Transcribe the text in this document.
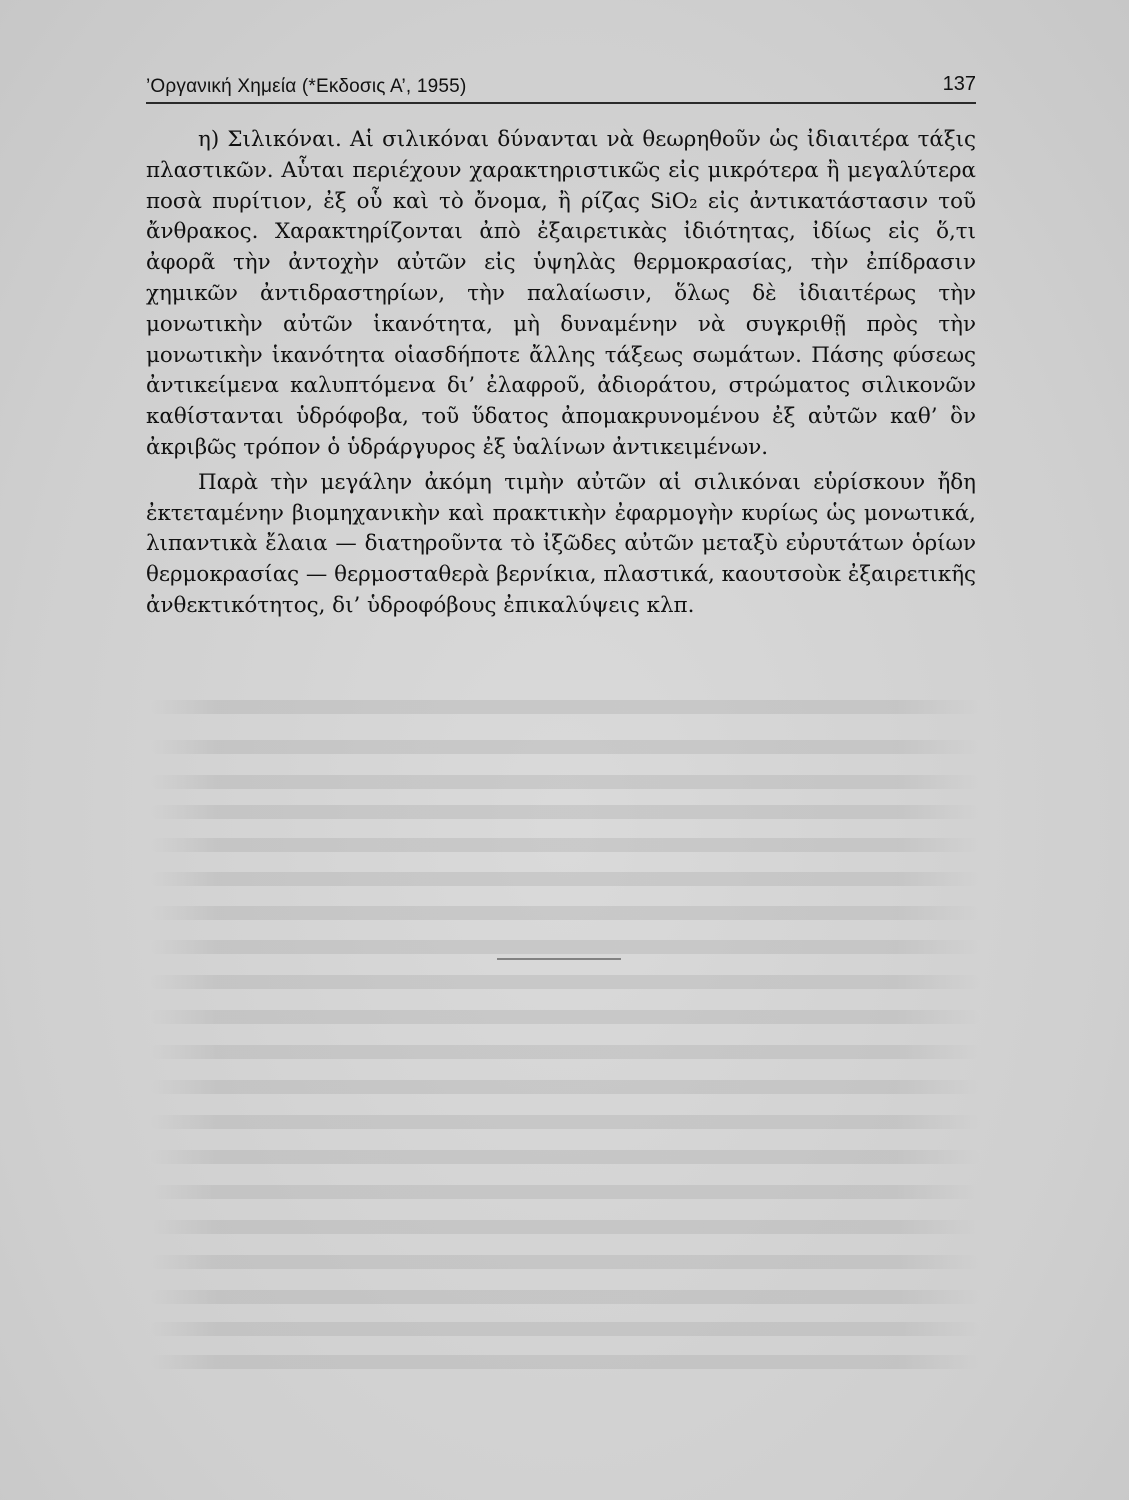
’Οργανική Χημεία (*Εκδοσις Α’, 1955)	137

η) Σιλικόναι. Αἱ σιλικόναι δύνανται νὰ θεωρηθοῦν ὡς ἰδιαιτέρα τάξις πλαστικῶν. Αὗται περιέχουν χαρακτηριστικῶς εἰς μικρότερα ἢ μεγαλύτερα ποσὰ πυρίτιον, ἐξ οὗ καὶ τὸ ὄνομα, ἢ ρίζας SiO₂ εἰς ἀντικατάστασιν τοῦ ἄνθρακος. Χαρακτηρίζονται ἀπὸ ἐξαιρετικὰς ἰδιότητας, ἰδίως εἰς ὅ,τι ἀφορᾶ τὴν ἀντοχὴν αὐτῶν εἰς ὑψηλὰς θερμοκρασίας, τὴν ἐπίδρασιν χημικῶν ἀντιδραστηρίων, τὴν παλαίωσιν, ὅλως δὲ ἰδιαιτέρως τὴν μονωτικὴν αὐτῶν ἱκανότητα, μὴ δυναμένην νὰ συγκριθῇ πρὸς τὴν μονωτικὴν ἱκανότητα οἱασδήποτε ἄλλης τάξεως σωμάτων. Πάσης φύσεως ἀντικείμενα καλυπτόμενα δι’ ἐλαφροῦ, ἀδιοράτου, στρώματος σιλικονῶν καθίστανται ὑδρόφοβα, τοῦ ὕδατος ἀπομακρυνομένου ἐξ αὐτῶν καθ’ ὃν ἀκριβῶς τρόπον ὁ ὑδράργυρος ἐξ ὑαλίνων ἀντικειμένων.

Παρὰ τὴν μεγάλην ἀκόμη τιμὴν αὐτῶν αἱ σιλικόναι εὑρίσκουν ἤδη ἐκτεταμένην βιομηχανικὴν καὶ πρακτικὴν ἐφαρμογὴν κυρίως ὡς μονωτικά, λιπαντικὰ ἔλαια — διατηροῦντα τὸ ἰξῶδες αὐτῶν μεταξὺ εὐρυτάτων ὁρίων θερμοκρασίας — θερμοσταθερὰ βερνίκια, πλαστικά, καουτσοὺκ ἐξαιρετικῆς ἀνθεκτικότητος, δι’ ὑδροφόβους ἐπικαλύψεις κλπ.
